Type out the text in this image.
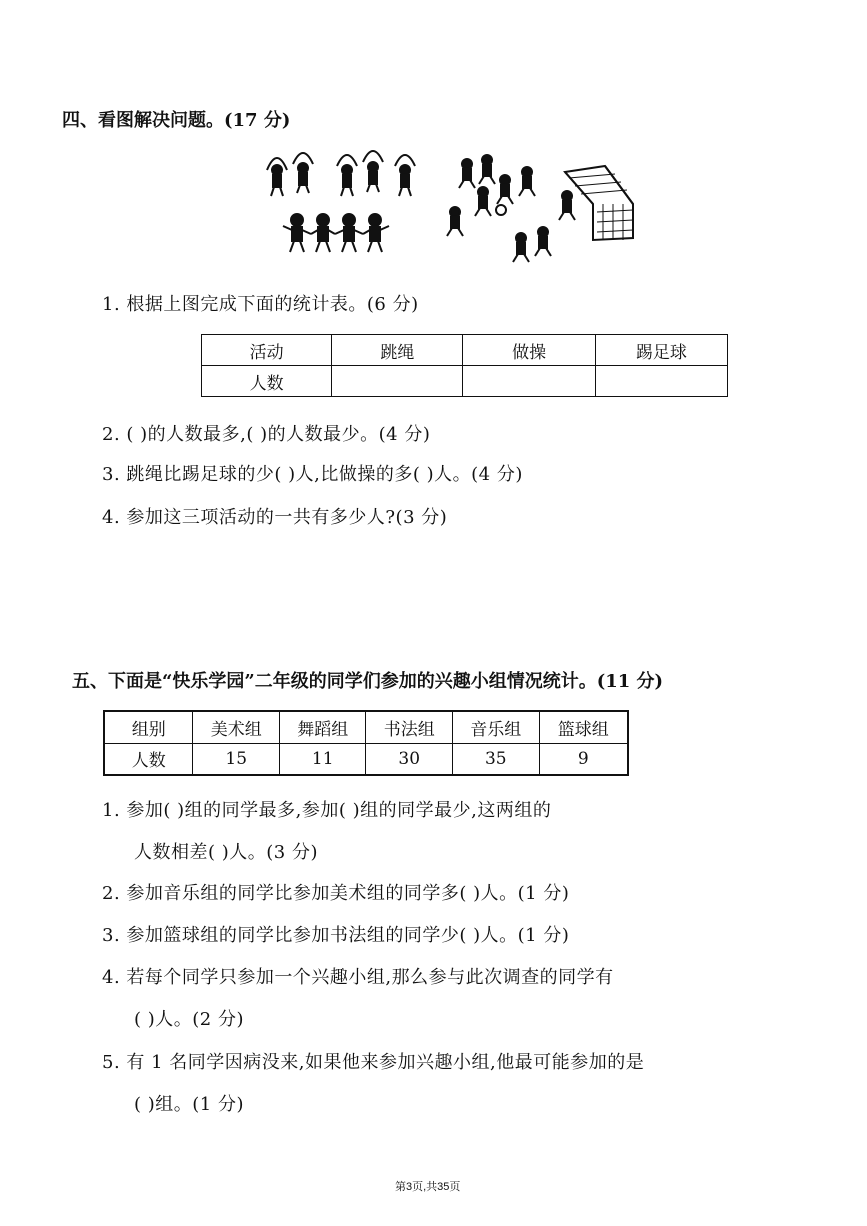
四、看图解决问题。(17 分)
1. 根据上图完成下面的统计表。(6 分)
活动	跳绳	做操	踢足球
人数			
2. ( )的人数最多,( )的人数最少。(4 分)
3. 跳绳比踢足球的少( )人,比做操的多( )人。(4 分)
4. 参加这三项活动的一共有多少人?(3 分)
五、下面是“快乐学园”二年级的同学们参加的兴趣小组情况统计。(11 分)
组别	美术组	舞蹈组	书法组	音乐组	篮球组
人数	15	11	30	35	9
1. 参加( )组的同学最多,参加( )组的同学最少,这两组的
人数相差( )人。(3 分)
2. 参加音乐组的同学比参加美术组的同学多( )人。(1 分)
3. 参加篮球组的同学比参加书法组的同学少( )人。(1 分)
4. 若每个同学只参加一个兴趣小组,那么参与此次调查的同学有
( )人。(2 分)
5. 有 1 名同学因病没来,如果他来参加兴趣小组,他最可能参加的是
( )组。(1 分)
第3页,共35页
